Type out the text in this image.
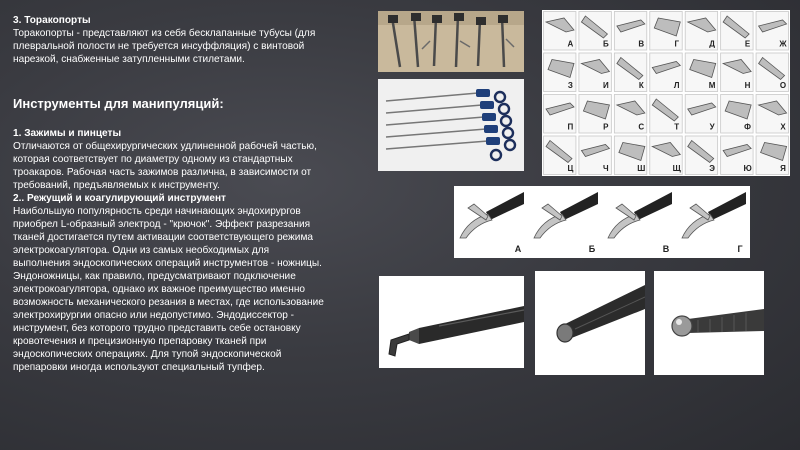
3. Торакопорты
Торакопорты - представляют из себя бесклапанные тубусы (для
плевральной полости не требуется инсуффляция) с винтовой
нарезкой, снабженные затупленными стилетами.
Инструменты для манипуляций:
1. Зажимы и пинцеты
Отличаются от общехирургических удлиненной рабочей частью,
которая соответствует по диаметру одному из стандартных
троакаров. Рабочая часть зажимов различна, в зависимости от
требований, предъявляемых к инструменту.
2.. Режущий и коагулирующий инструмент
Наибольшую популярность среди начинающих эндохирургов
приобрел L-образный электрод - "крючок". Эффект разрезания
тканей достигается путем активации соответствующего режима
электрокоагулятора. Одни из самых необходимых для
выполнения эндоскопических операций инструментов - ножницы.
Эндоножницы, как правило, предусматривают подключение
электрокоагулятора, однако их важное преимущество именно
возможность механического резания в местах, где использование
электрохирургии опасно или недопустимо. Эндодиссектор -
инструмент, без которого трудно представить себе остановку
кровотечения и прецизионную препаровку тканей при
эндоскопических операциях. Для тупой эндоскопической
препаровки иногда используют специальный тупфер.
А	Б	В	Г	Д	Е	Ж
З	И	К	Л	М	Н	О
П	Р	С	Т	У	Ф	Х
Ц	Ч	Ш	Щ	Э	Ю	Я
А	Б	В	Г
